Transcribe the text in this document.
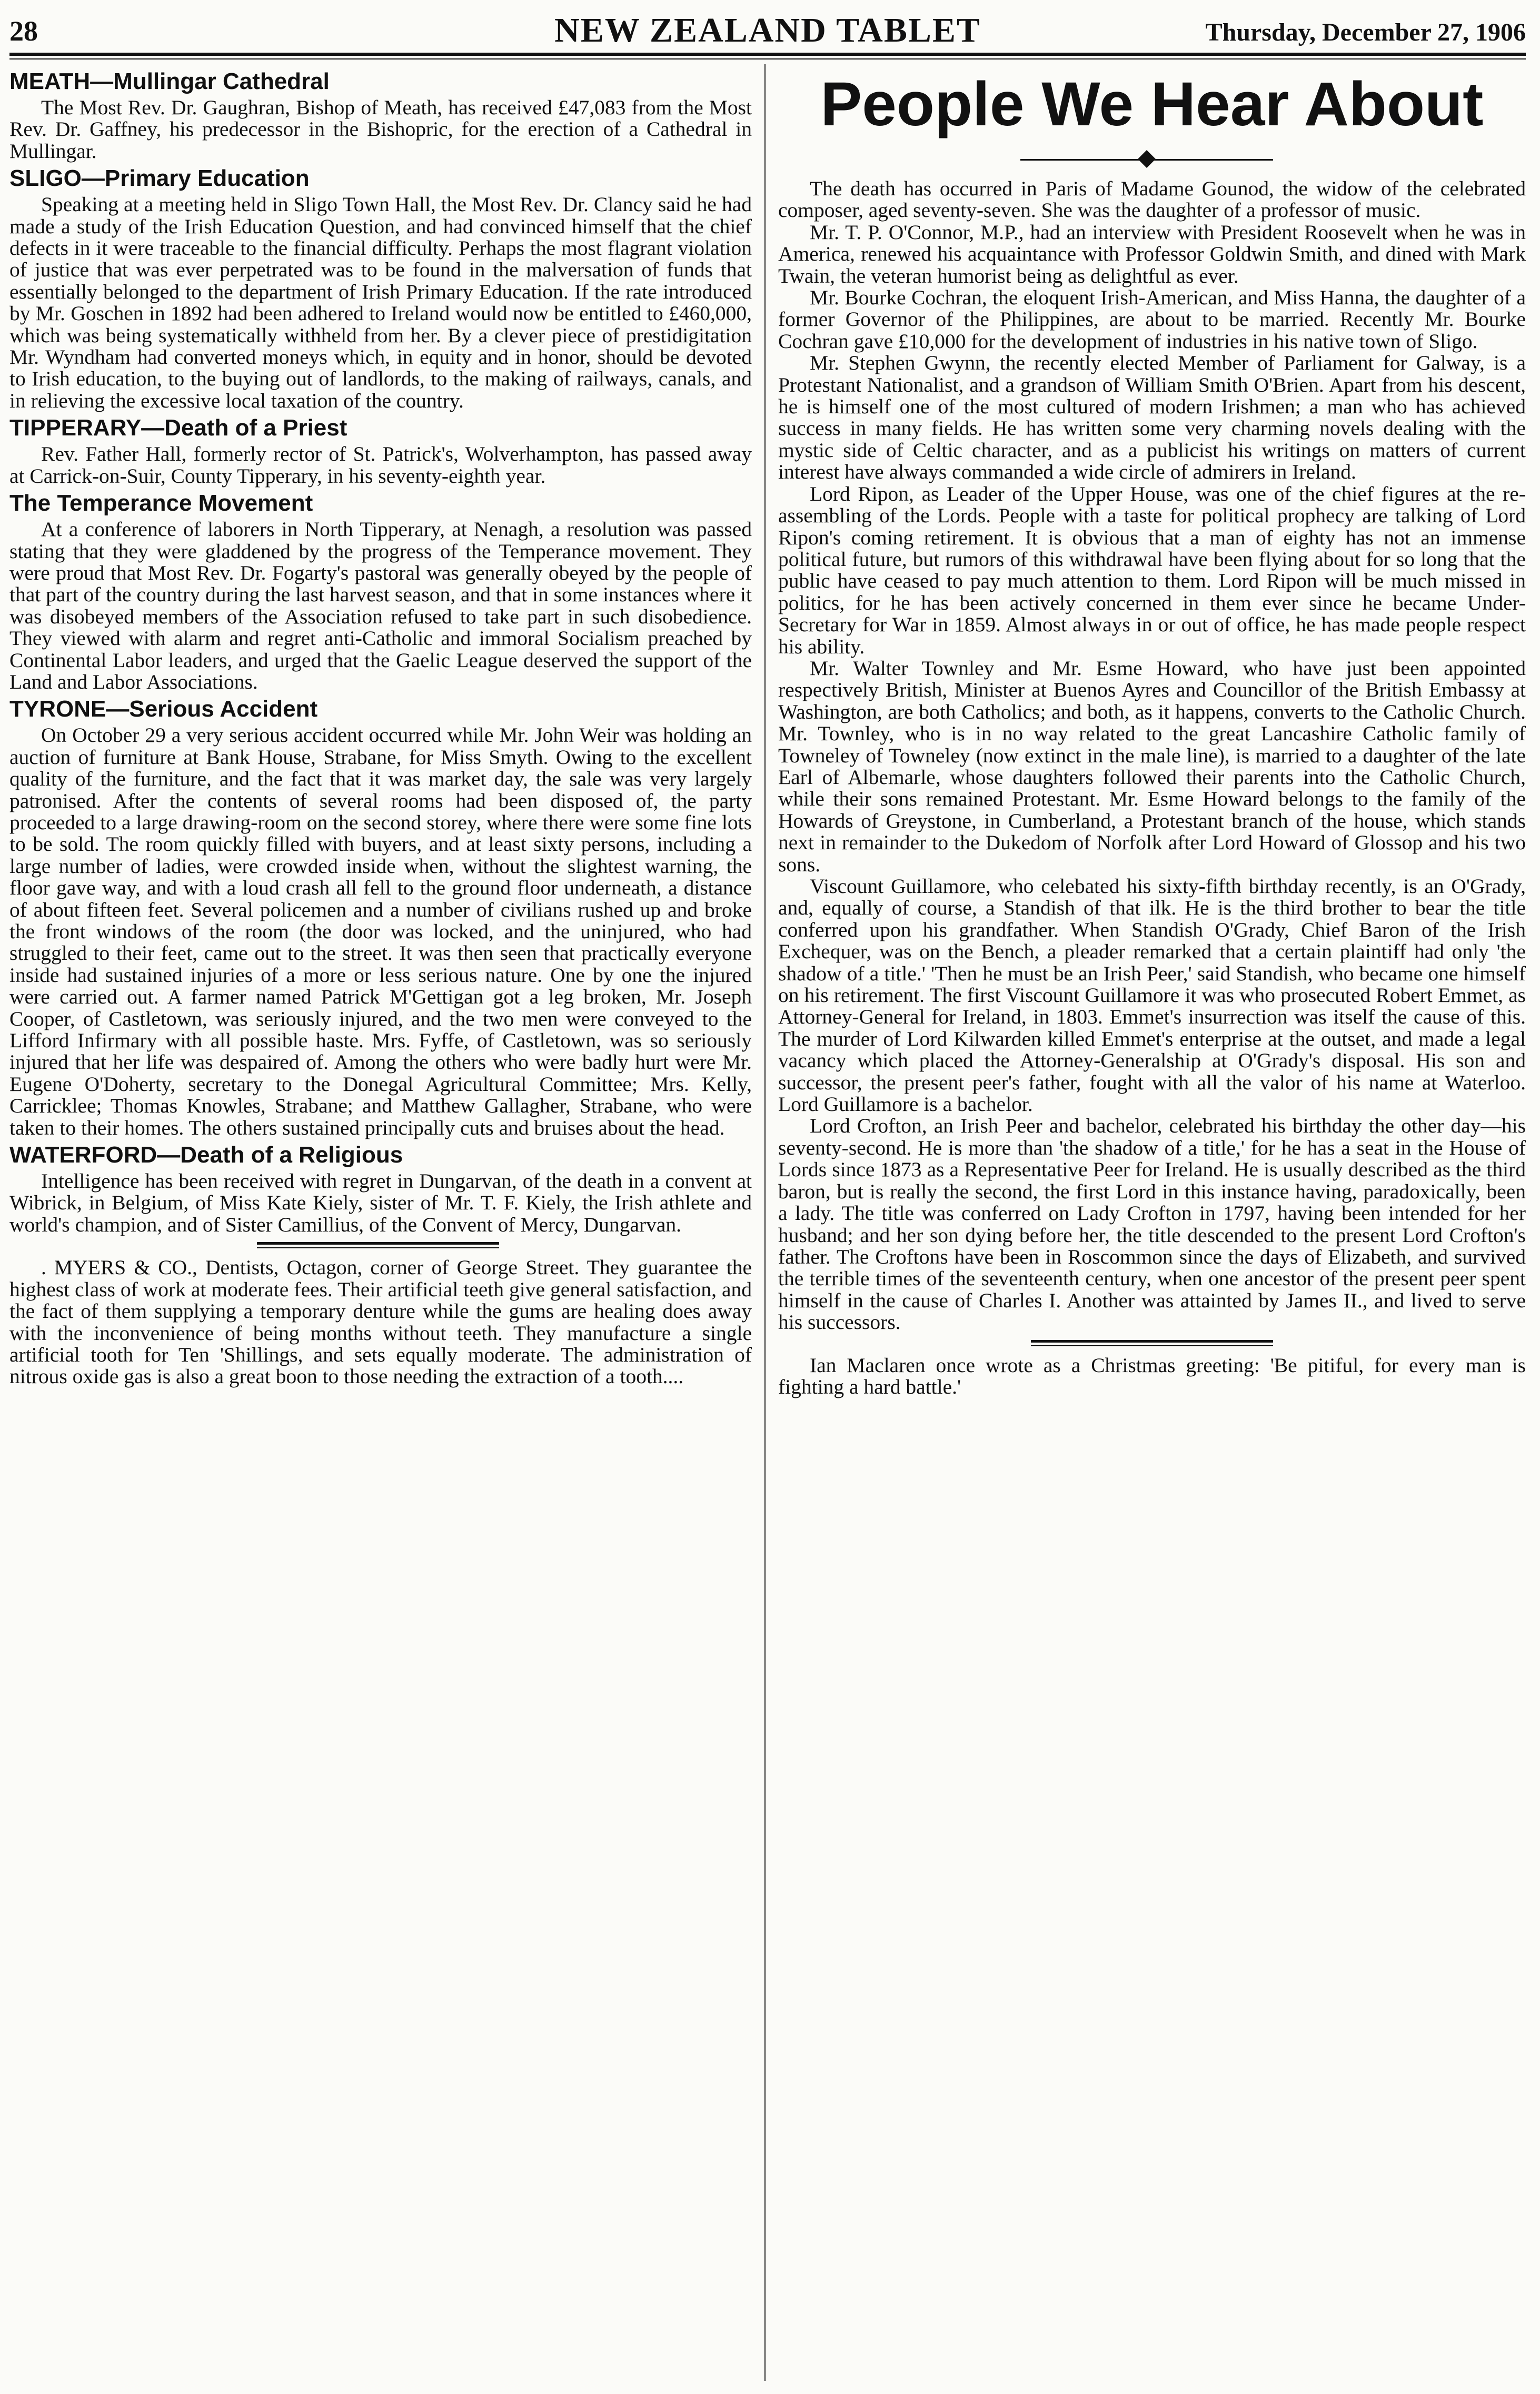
28	NEW ZEALAND TABLET	Thursday, December 27, 1906
MEATH—Mullingar Cathedral

The Most Rev. Dr. Gaughran, Bishop of Meath, has received £47,083 from the Most Rev. Dr. Gaffney, his predecessor in the Bishopric, for the erection of a Cathedral in Mullingar.

SLIGO—Primary Education

Speaking at a meeting held in Sligo Town Hall, the Most Rev. Dr. Clancy said he had made a study of the Irish Education Question, and had convinced himself that the chief defects in it were traceable to the financial difficulty. Perhaps the most flagrant violation of justice that was ever perpetrated was to be found in the malversation of funds that essentially belonged to the department of Irish Primary Education. If the rate introduced by Mr. Goschen in 1892 had been adhered to Ireland would now be entitled to £460,000, which was being systematically withheld from her. By a clever piece of prestidigitation Mr. Wyndham had converted moneys which, in equity and in honor, should be devoted to Irish education, to the buying out of landlords, to the making of railways, canals, and in relieving the excessive local taxation of the country.

TIPPERARY—Death of a Priest

Rev. Father Hall, formerly rector of St. Patrick's, Wolverhampton, has passed away at Carrick-on-Suir, County Tipperary, in his seventy-eighth year.

The Temperance Movement

At a conference of laborers in North Tipperary, at Nenagh, a resolution was passed stating that they were gladdened by the progress of the Temperance movement. They were proud that Most Rev. Dr. Fogarty's pastoral was generally obeyed by the people of that part of the country during the last harvest season, and that in some instances where it was disobeyed members of the Association refused to take part in such disobedience. They viewed with alarm and regret anti-Catholic and immoral Socialism preached by Continental Labor leaders, and urged that the Gaelic League deserved the support of the Land and Labor Associations.

TYRONE—Serious Accident

On October 29 a very serious accident occurred while Mr. John Weir was holding an auction of furniture at Bank House, Strabane, for Miss Smyth. Owing to the excellent quality of the furniture, and the fact that it was market day, the sale was very largely patronised. After the contents of several rooms had been disposed of, the party proceeded to a large drawing-room on the second storey, where there were some fine lots to be sold. The room quickly filled with buyers, and at least sixty persons, including a large number of ladies, were crowded inside when, without the slightest warning, the floor gave way, and with a loud crash all fell to the ground floor underneath, a distance of about fifteen feet. Several policemen and a number of civilians rushed up and broke the front windows of the room (the door was locked, and the uninjured, who had struggled to their feet, came out to the street. It was then seen that practically everyone inside had sustained injuries of a more or less serious nature. One by one the injured were carried out. A farmer named Patrick M'Gettigan got a leg broken, Mr. Joseph Cooper, of Castletown, was seriously injured, and the two men were conveyed to the Lifford Infirmary with all possible haste. Mrs. Fyffe, of Castletown, was so seriously injured that her life was despaired of. Among the others who were badly hurt were Mr. Eugene O'Doherty, secretary to the Donegal Agricultural Committee; Mrs. Kelly, Carricklee; Thomas Knowles, Strabane; and Matthew Gallagher, Strabane, who were taken to their homes. The others sustained principally cuts and bruises about the head.

WATERFORD—Death of a Religious

Intelligence has been received with regret in Dungarvan, of the death in a convent at Wibrick, in Belgium, of Miss Kate Kiely, sister of Mr. T. F. Kiely, the Irish athlete and world's champion, and of Sister Camillius, of the Convent of Mercy, Dungarvan.

. MYERS & CO., Dentists, Octagon, corner of George Street. They guarantee the highest class of work at moderate fees. Their artificial teeth give general satisfaction, and the fact of them supplying a temporary denture while the gums are healing does away with the inconvenience of being months without teeth. They manufacture a single artificial tooth for Ten 'Shillings, and sets equally moderate. The administration of nitrous oxide gas is also a great boon to those needing the extraction of a tooth....

People We Hear About

The death has occurred in Paris of Madame Gounod, the widow of the celebrated composer, aged seventy-seven. She was the daughter of a professor of music.

Mr. T. P. O'Connor, M.P., had an interview with President Roosevelt when he was in America, renewed his acquaintance with Professor Goldwin Smith, and dined with Mark Twain, the veteran humorist being as delightful as ever.

Mr. Bourke Cochran, the eloquent Irish-American, and Miss Hanna, the daughter of a former Governor of the Philippines, are about to be married. Recently Mr. Bourke Cochran gave £10,000 for the development of industries in his native town of Sligo.

Mr. Stephen Gwynn, the recently elected Member of Parliament for Galway, is a Protestant Nationalist, and a grandson of William Smith O'Brien. Apart from his descent, he is himself one of the most cultured of modern Irishmen; a man who has achieved success in many fields. He has written some very charming novels dealing with the mystic side of Celtic character, and as a publicist his writings on matters of current interest have always commanded a wide circle of admirers in Ireland.

Lord Ripon, as Leader of the Upper House, was one of the chief figures at the re-assembling of the Lords. People with a taste for political prophecy are talking of Lord Ripon's coming retirement. It is obvious that a man of eighty has not an immense political future, but rumors of this withdrawal have been flying about for so long that the public have ceased to pay much attention to them. Lord Ripon will be much missed in politics, for he has been actively concerned in them ever since he became Under-Secretary for War in 1859. Almost always in or out of office, he has made people respect his ability.

Mr. Walter Townley and Mr. Esme Howard, who have just been appointed respectively British, Minister at Buenos Ayres and Councillor of the British Embassy at Washington, are both Catholics; and both, as it happens, converts to the Catholic Church. Mr. Townley, who is in no way related to the great Lancashire Catholic family of Towneley of Towneley (now extinct in the male line), is married to a daughter of the late Earl of Albemarle, whose daughters followed their parents into the Catholic Church, while their sons remained Protestant. Mr. Esme Howard belongs to the family of the Howards of Greystone, in Cumberland, a Protestant branch of the house, which stands next in remainder to the Dukedom of Norfolk after Lord Howard of Glossop and his two sons.

Viscount Guillamore, who celebated his sixty-fifth birthday recently, is an O'Grady, and, equally of course, a Standish of that ilk. He is the third brother to bear the title conferred upon his grandfather. When Standish O'Grady, Chief Baron of the Irish Exchequer, was on the Bench, a pleader remarked that a certain plaintiff had only 'the shadow of a title.' 'Then he must be an Irish Peer,' said Standish, who became one himself on his retirement. The first Viscount Guillamore it was who prosecuted Robert Emmet, as Attorney-General for Ireland, in 1803. Emmet's insurrection was itself the cause of this. The murder of Lord Kilwarden killed Emmet's enterprise at the outset, and made a legal vacancy which placed the Attorney-Generalship at O'Grady's disposal. His son and successor, the present peer's father, fought with all the valor of his name at Waterloo. Lord Guillamore is a bachelor.

Lord Crofton, an Irish Peer and bachelor, celebrated his birthday the other day—his seventy-second. He is more than 'the shadow of a title,' for he has a seat in the House of Lords since 1873 as a Representative Peer for Ireland. He is usually described as the third baron, but is really the second, the first Lord in this instance having, paradoxically, been a lady. The title was conferred on Lady Crofton in 1797, having been intended for her husband; and her son dying before her, the title descended to the present Lord Crofton's father. The Croftons have been in Roscommon since the days of Elizabeth, and survived the terrible times of the seventeenth century, when one ancestor of the present peer spent himself in the cause of Charles I. Another was attainted by James II., and lived to serve his successors.

Ian Maclaren once wrote as a Christmas greeting: 'Be pitiful, for every man is fighting a hard battle.'
